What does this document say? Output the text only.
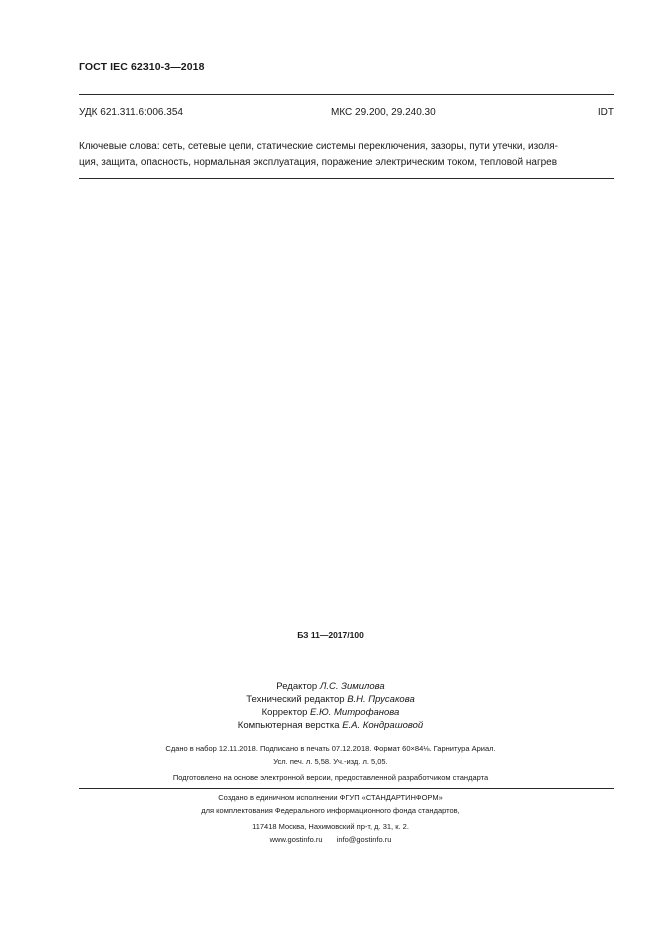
ГОСТ IEC 62310-3—2018
УДК 621.311.6:006.354	МКС 29.200, 29.240.30	IDT
Ключевые слова: сеть, сетевые цепи, статические системы переключения, зазоры, пути утечки, изоля-
ция, защита, опасность, нормальная эксплуатация, поражение электрическим током, тепловой нагрев
БЗ 11—2017/100
Редактор Л.С. Зимилова
Технический редактор В.Н. Прусакова
Корректор Е.Ю. Митрофанова
Компьютерная верстка Е.А. Кондрашовой
Сдано в набор 12.11.2018. Подписано в печать 07.12.2018. Формат 60×84⅛. Гарнитура Ариал.
Усл. печ. л. 5,58. Уч.-изд. л. 5,05.
Подготовлено на основе электронной версии, предоставленной разработчиком стандарта
Создано в единичном исполнении ФГУП «СТАНДАРТИНФОРМ»
для комплектования Федерального информационного фонда стандартов,
117418 Москва, Нахимовский пр-т, д. 31, к. 2.
www.gostinfo.ru info@gostinfo.ru
